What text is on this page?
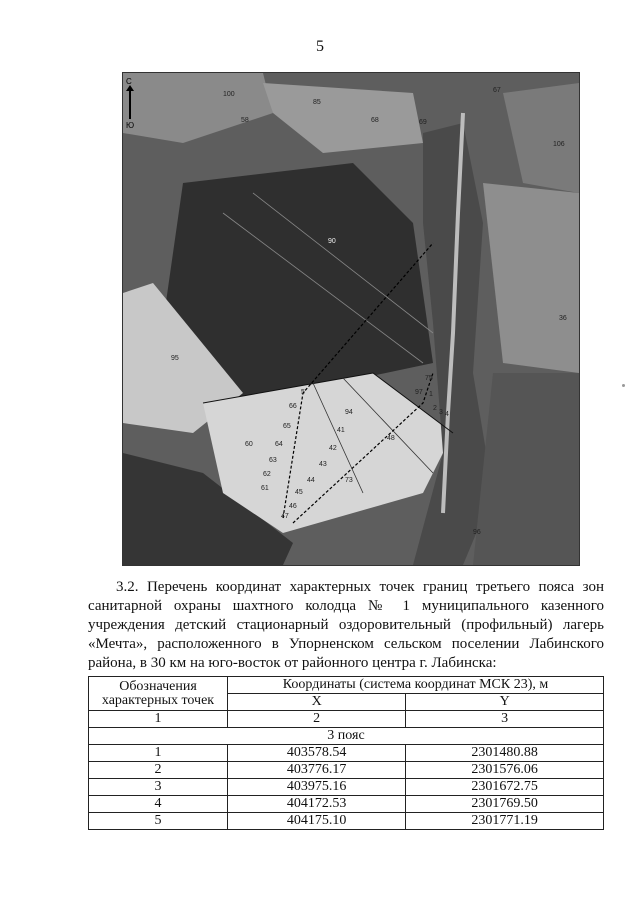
5
С
Ю
100
85
68	69
67
58
106
90
95
97
36
66
65
64
63
62
61
60
94
41
42
43
44
45
46
47
48
96
73
75
1
2
3 4
5
3.2. Перечень координат характерных точек границ третьего пояса зон санитарной охраны шахтного колодца № 1 муниципального казенного учреждения детский стационарный оздоровительный (профильный) лагерь «Мечта», расположенного в Упорненском сельском поселении Лабинского района, в 30 км на юго-восток от районного центра г. Лабинска:
Обозначения характерных точек	Координаты (система координат МСК 23), м	
	X	Y
1	2	3
3 пояс		
1	403578.54	2301480.88
2	403776.17	2301576.06
3	403975.16	2301672.75
4	404172.53	2301769.50
5	404175.10	2301771.19
